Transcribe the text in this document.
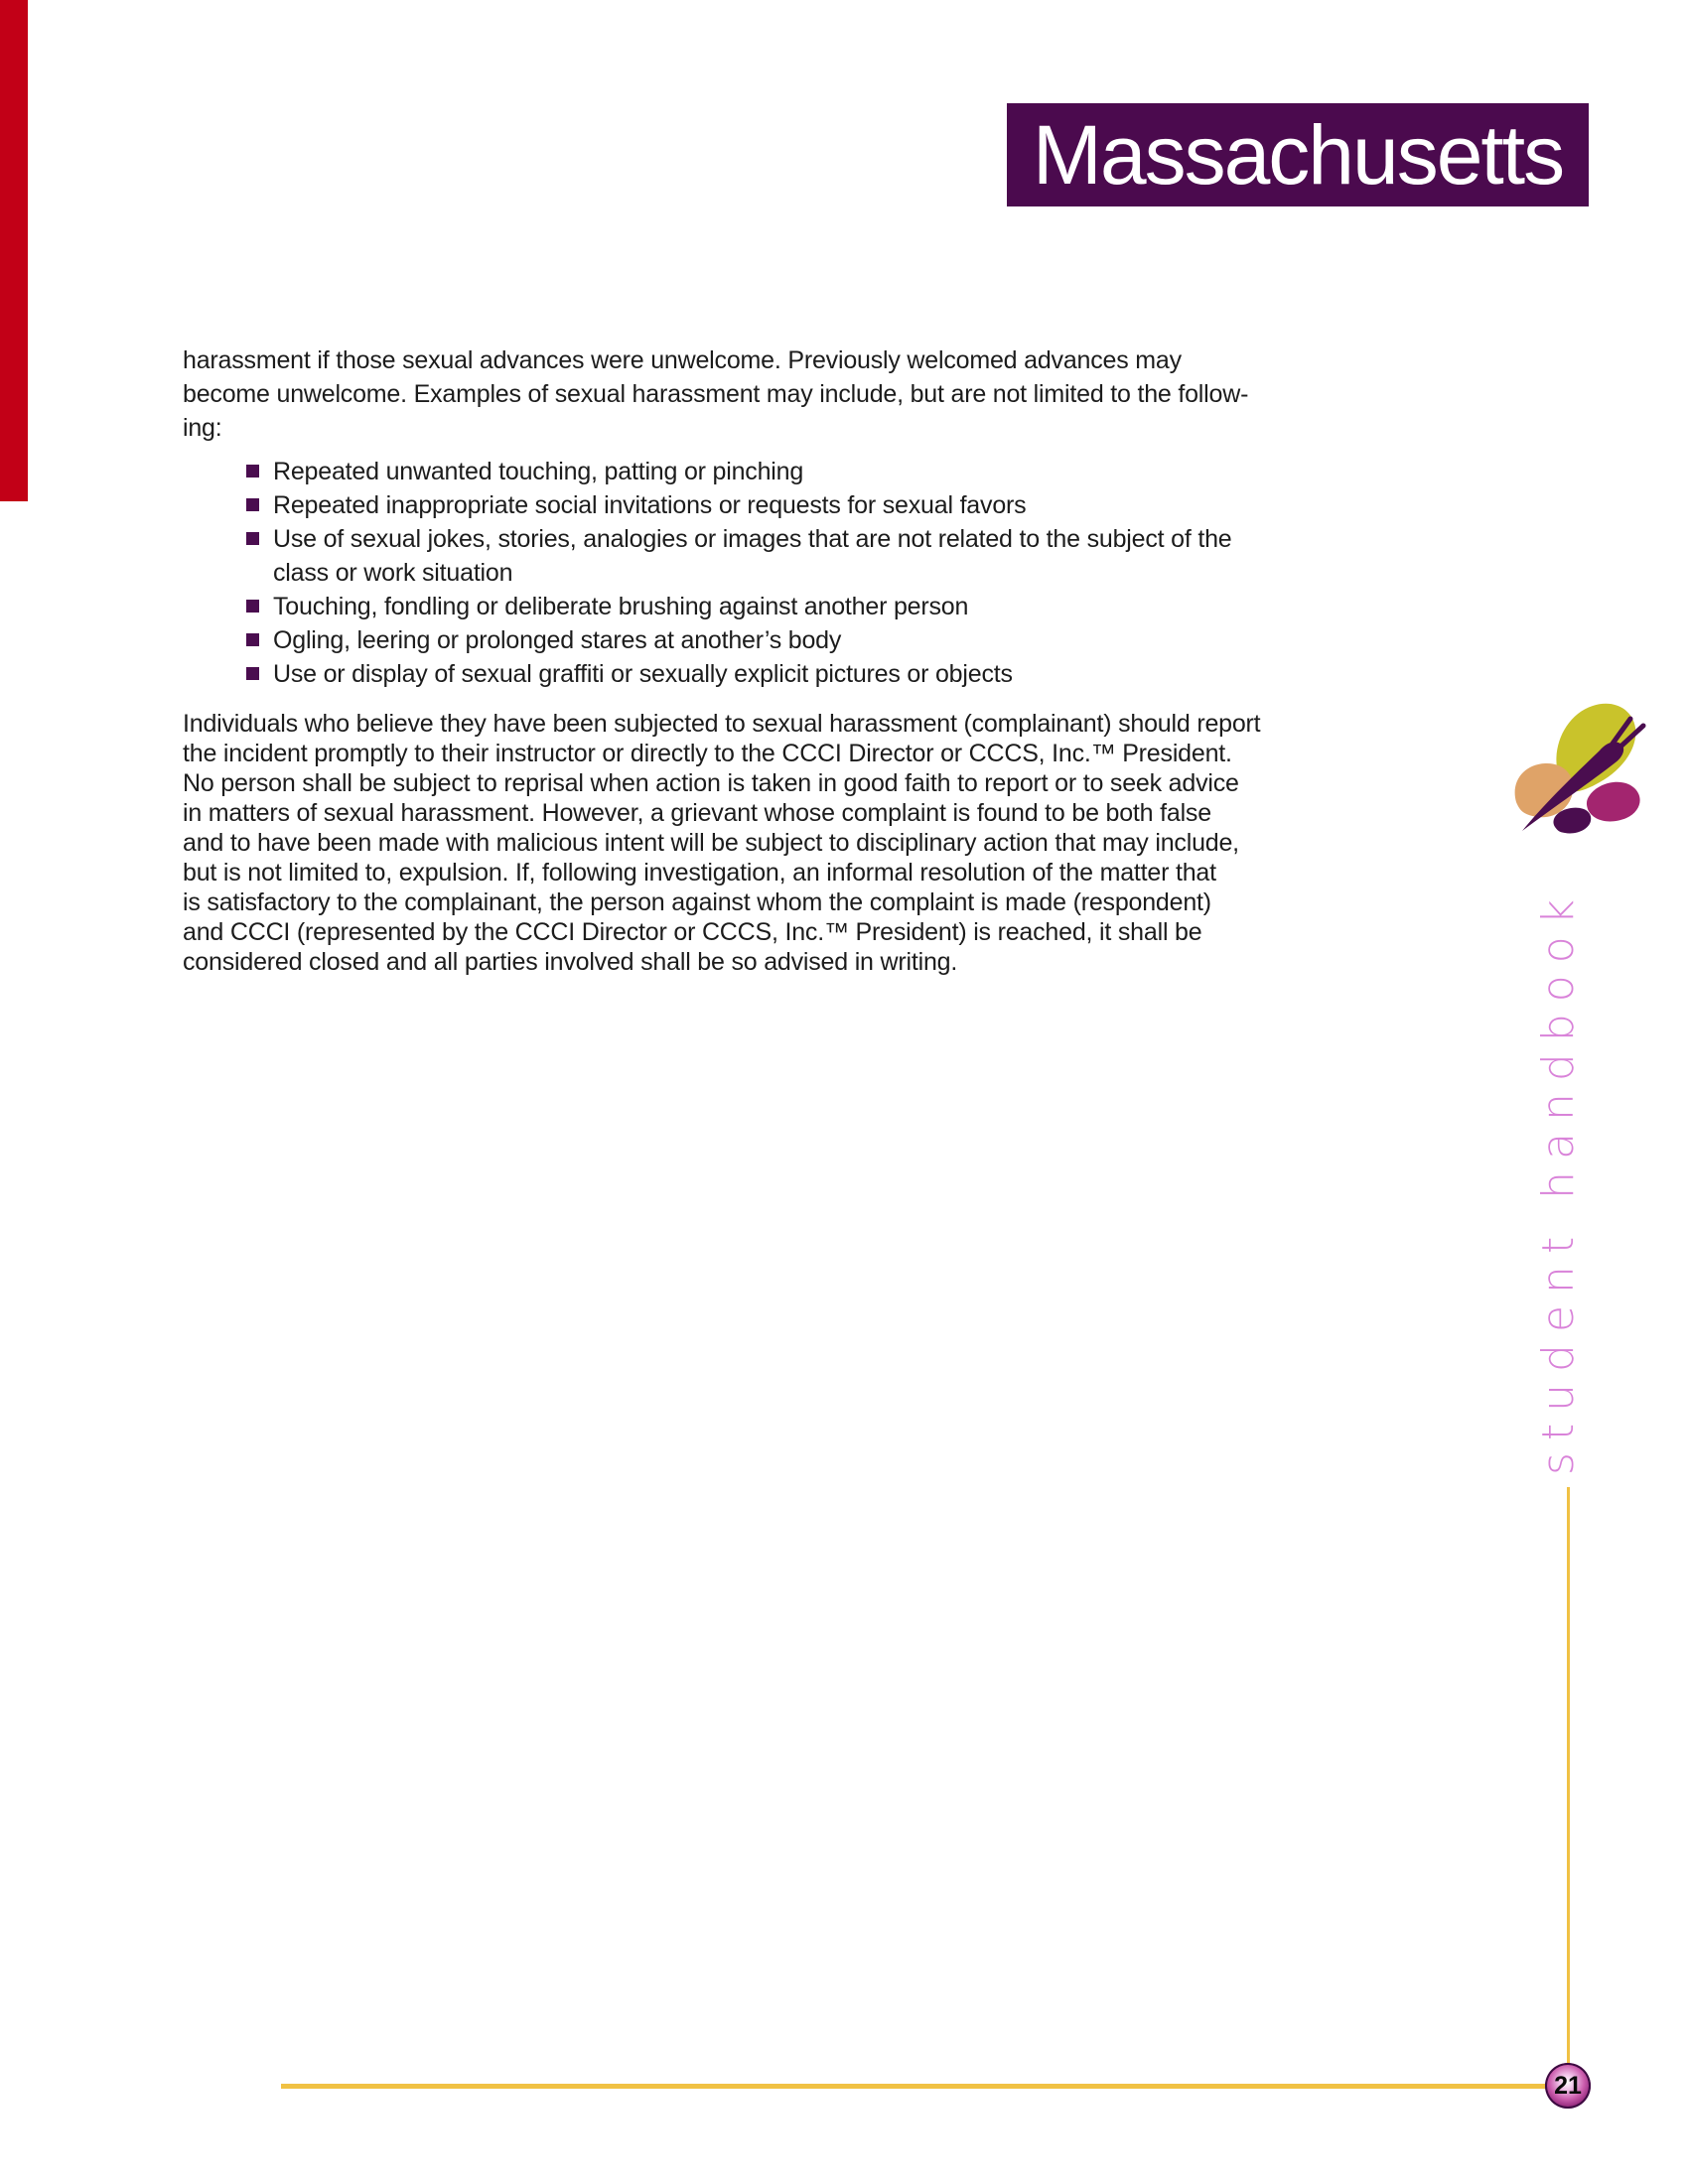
Massachusetts
harassment if those sexual advances were unwelcome. Previously welcomed advances may
become unwelcome. Examples of sexual harassment may include, but are not limited to the follow-
ing:
Repeated unwanted touching, patting or pinching
Repeated inappropriate social invitations or requests for sexual favors
Use of sexual jokes, stories, analogies or images that are not related to the subject of the
class or work situation
Touching, fondling or deliberate brushing against another person
Ogling, leering or prolonged stares at another’s body
Use or display of sexual graffiti or sexually explicit pictures or objects
Individuals who believe they have been subjected to sexual harassment (complainant) should report
the incident promptly to their instructor or directly to the CCCI Director or CCCS, Inc.™ President.
No person shall be subject to reprisal when action is taken in good faith to report or to seek advice
in matters of sexual harassment. However, a grievant whose complaint is found to be both false
and to have been made with malicious intent will be subject to disciplinary action that may include,
but is not limited to, expulsion. If, following investigation, an informal resolution of the matter that
is satisfactory to the complainant, the person against whom the complaint is made (respondent)
and CCCI (represented by the CCCI Director or CCCS, Inc.™ President) is reached, it shall be
considered closed and all parties involved shall be so advised in writing.	student handbook
21
